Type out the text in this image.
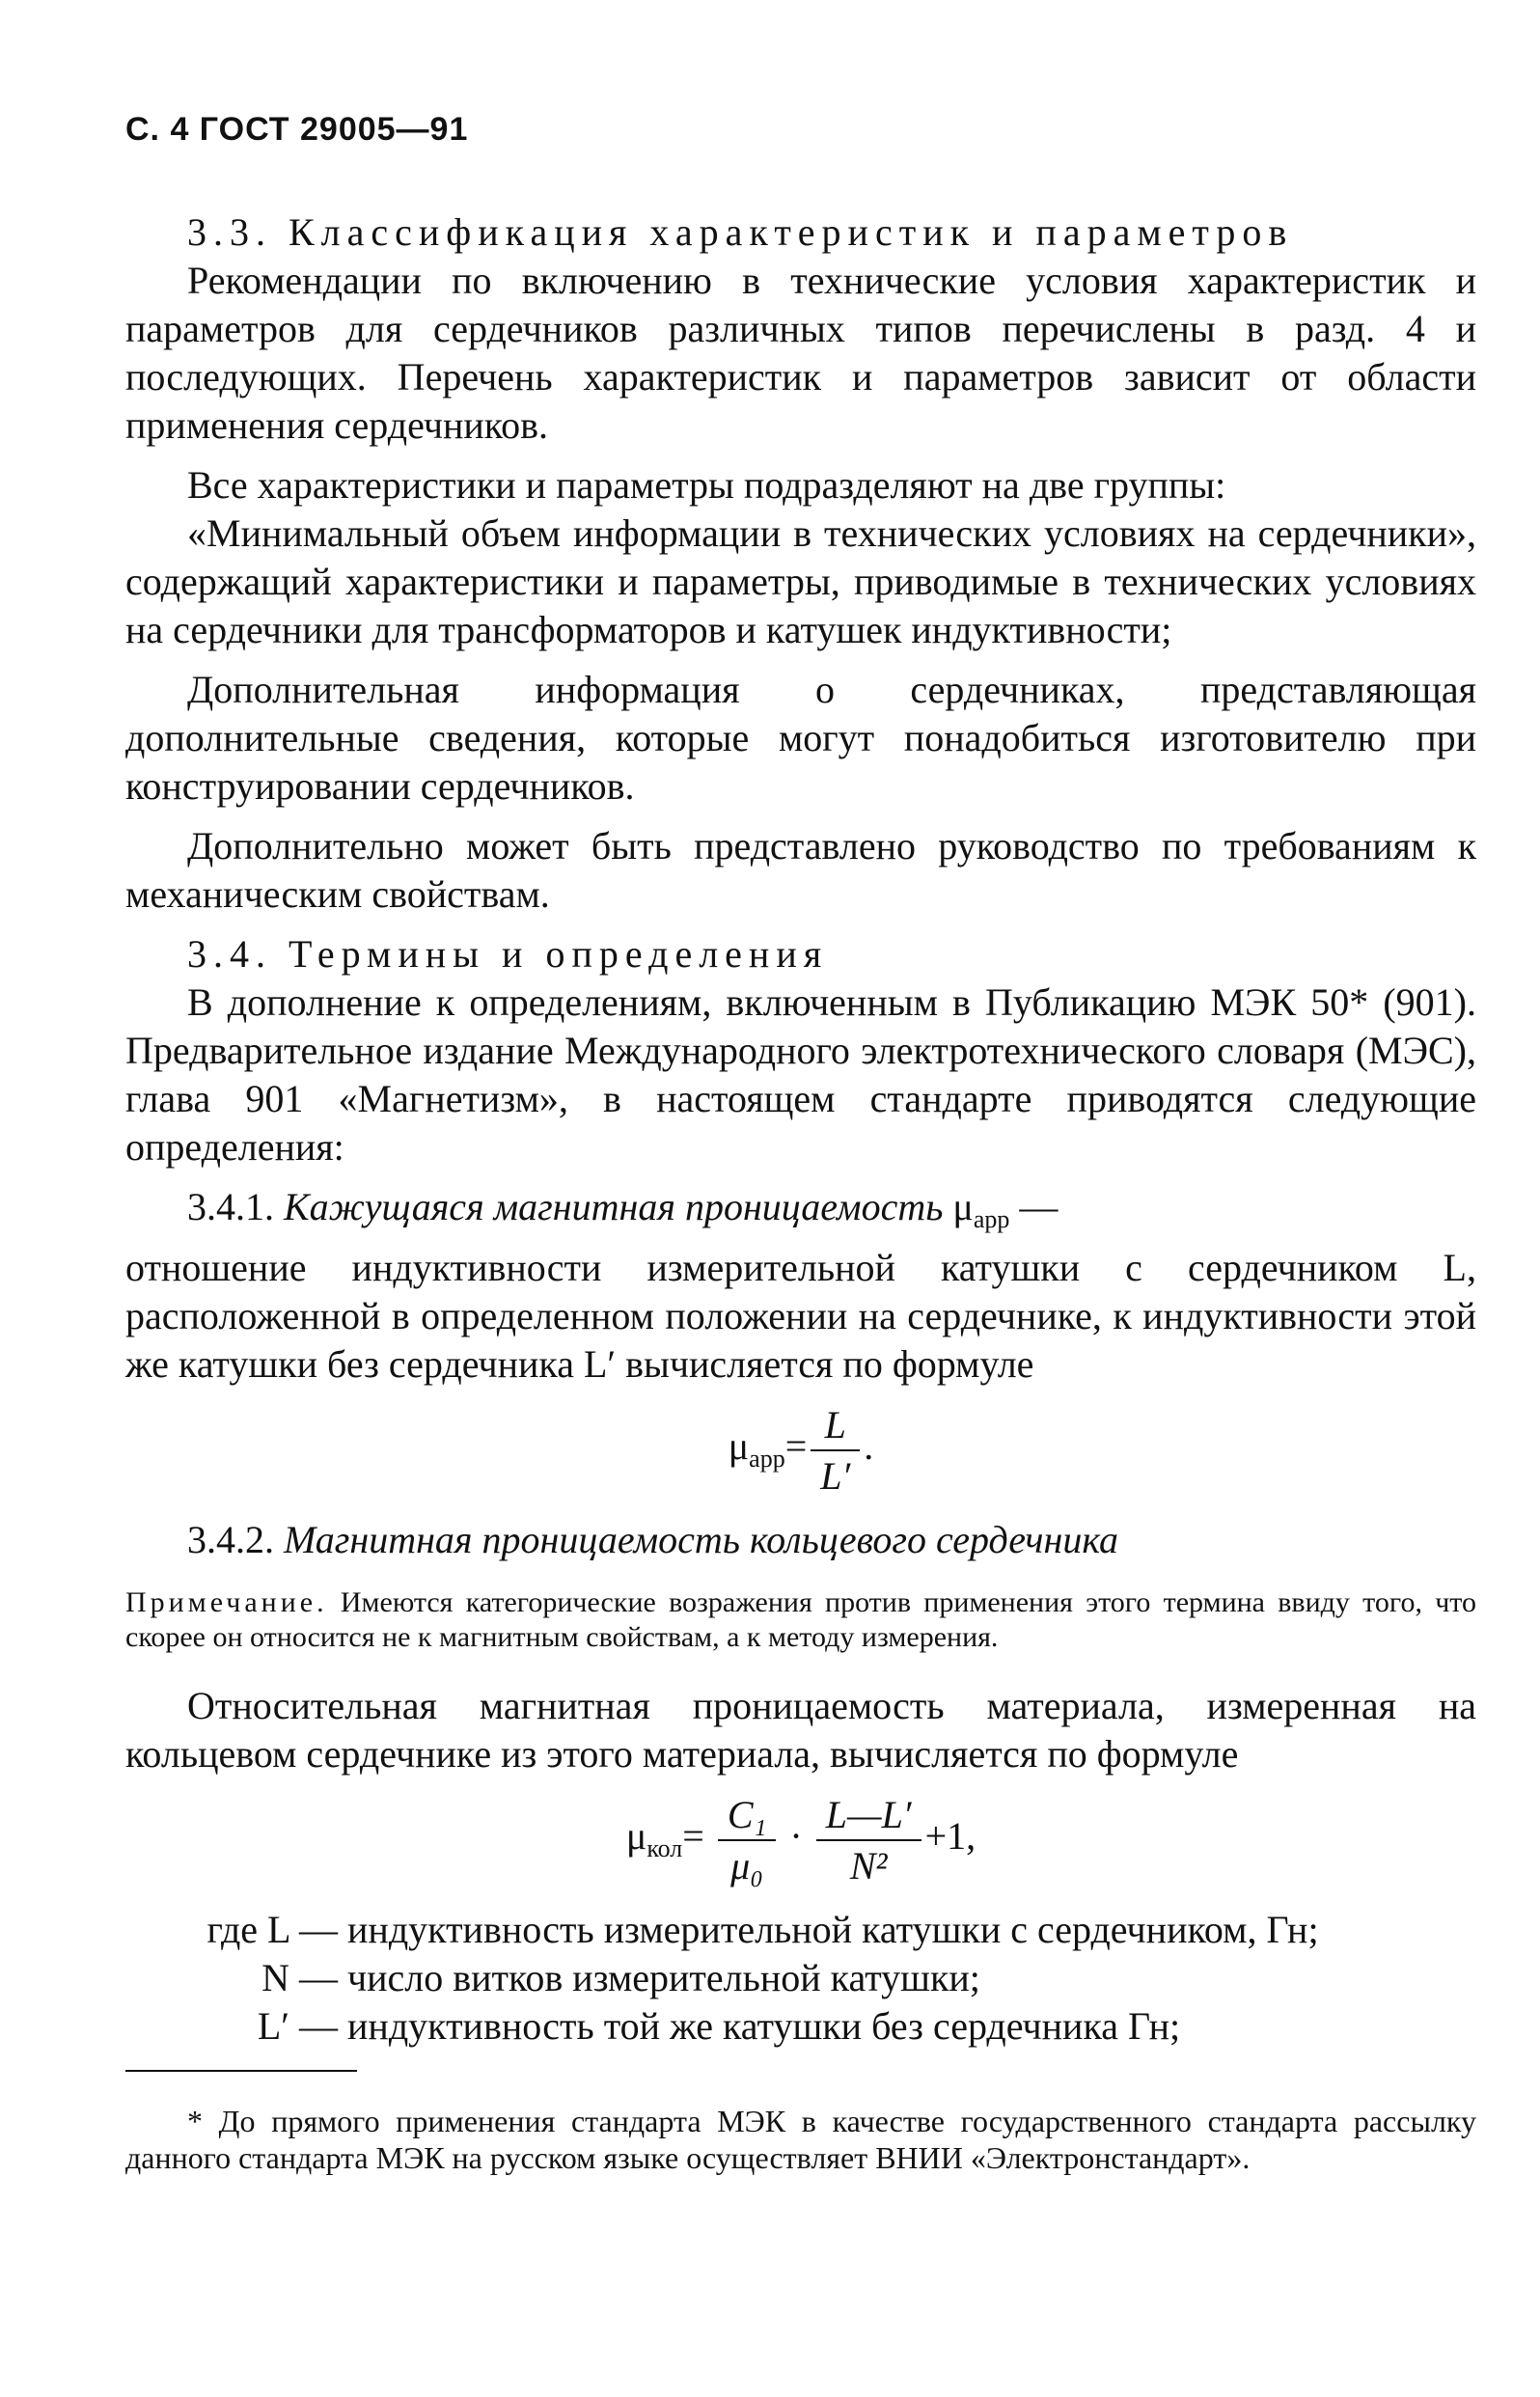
С. 4 ГОСТ 29005—91

3.3. Классификация характеристик и параметров

Рекомендации по включению в технические условия характеристик и параметров для сердечников различных типов перечислены в разд. 4 и последующих. Перечень характеристик и параметров зависит от области применения сердечников.

Все характеристики и параметры подразделяют на две группы:

«Минимальный объем информации в технических условиях на сердечники», содержащий характеристики и параметры, приводимые в технических условиях на сердечники для трансформаторов и катушек индуктивности;

Дополнительная информация о сердечниках, представляющая дополнительные сведения, которые могут понадобиться изготовителю при конструировании сердечников.

Дополнительно может быть представлено руководство по требованиям к механическим свойствам.

3.4. Термины и определения

В дополнение к определениям, включенным в Публикацию МЭК 50* (901). Предварительное издание Международного электротехнического словаря (МЭС), глава 901 «Магнетизм», в настоящем стандарте приводятся следующие определения:

3.4.1. Кажущаяся магнитная проницаемость $\mu_{app}$ —

отношение индуктивности измерительной катушки с сердечником L, расположенной в определенном положении на сердечнике, к индуктивности этой же катушки без сердечника L′ вычисляется по формуле

$\mu_{app}= \frac{L}{L'}$ .

3.4.2. Магнитная проницаемость кольцевого сердечника

Примечание. Имеются категорические возражения против применения этого термина ввиду того, что скорее он относится не к магнитным свойствам, а к методу измерения.

Относительная магнитная проницаемость материала, измеренная на кольцевом сердечнике из этого материала, вычисляется по формуле

$\mu_{кол}= \frac{\text{C₁}}{\text{μ₀}} \cdot \frac{L—L'}{\text{N²}} +1$,
где L — индуктивность измерительной катушки с сердечником, Гн;
N — число витков измерительной катушки;
L′ — индуктивность той же катушки без сердечника Гн;

* До прямого применения стандарта МЭК в качестве государственного стандарта рассылку данного стандарта МЭК на русском языке осуществляет ВНИИ «Электронстандарт».
